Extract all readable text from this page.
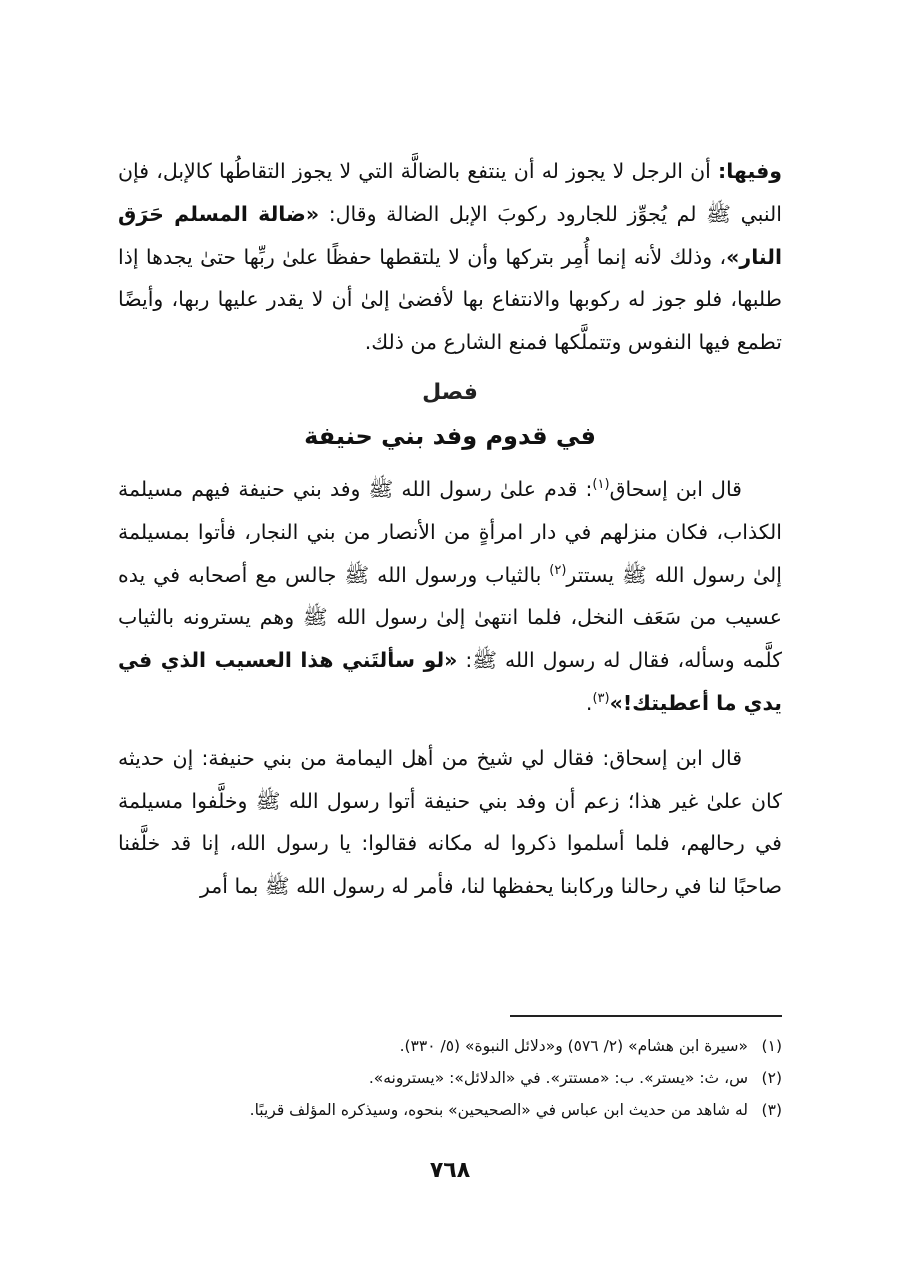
وفيها: أن الرجل لا يجوز له أن ينتفع بالضالَّة التي لا يجوز التقاطُها كالإبل، فإن النبي ﷺ لم يُجوِّز للجارود ركوبَ الإبل الضالة وقال: «ضالة المسلم حَرَق النار»، وذلك لأنه إنما أُمِر بتركها وأن لا يلتقطها حفظًا علىٰ ربِّها حتىٰ يجدها إذا طلبها، فلو جوز له ركوبها والانتفاع بها لأفضىٰ إلىٰ أن لا يقدر عليها ربها، وأيضًا تطمع فيها النفوس وتتملَّكها فمنع الشارع من ذلك.

فصل
في قدوم وفد بني حنيفة

قال ابن إسحاق$^{(١)}$: قدم علىٰ رسول الله ﷺ وفد بني حنيفة فيهم مسيلمة الكذاب، فكان منزلهم في دار امرأةٍ من الأنصار من بني النجار، فأتوا بمسيلمة إلىٰ رسول الله ﷺ يستتر$^{(٢)}$ بالثياب ورسول الله ﷺ جالس مع أصحابه في يده عسيب من سَعَف النخل، فلما انتهىٰ إلىٰ رسول الله ﷺ وهم يسترونه بالثياب كلَّمه وسأله، فقال له رسول الله ﷺ: «لو سألتَني هذا العسيب الذي في يدي ما أعطيتك!»$^{(٣)}$.

قال ابن إسحاق: فقال لي شيخ من أهل اليمامة من بني حنيفة: إن حديثه كان علىٰ غير هذا؛ زعم أن وفد بني حنيفة أتوا رسول الله ﷺ وخلَّفوا مسيلمة في رحالهم، فلما أسلموا ذكروا له مكانه فقالوا: يا رسول الله، إنا قد خلَّفنا صاحبًا لنا في رحالنا وركابنا يحفظها لنا، فأمر له رسول الله ﷺ بما أمر

(١)«سيرة ابن هشام» (٢/ ٥٧٦) و«دلائل النبوة» (٥/ ٣٣٠).

(٢)س، ث: «يستر». ب: «مستتر». في «الدلائل»: «يسترونه».

(٣)له شاهد من حديث ابن عباس في «الصحيحين» بنحوه، وسيذكره المؤلف قريبًا.

٧٦٨
